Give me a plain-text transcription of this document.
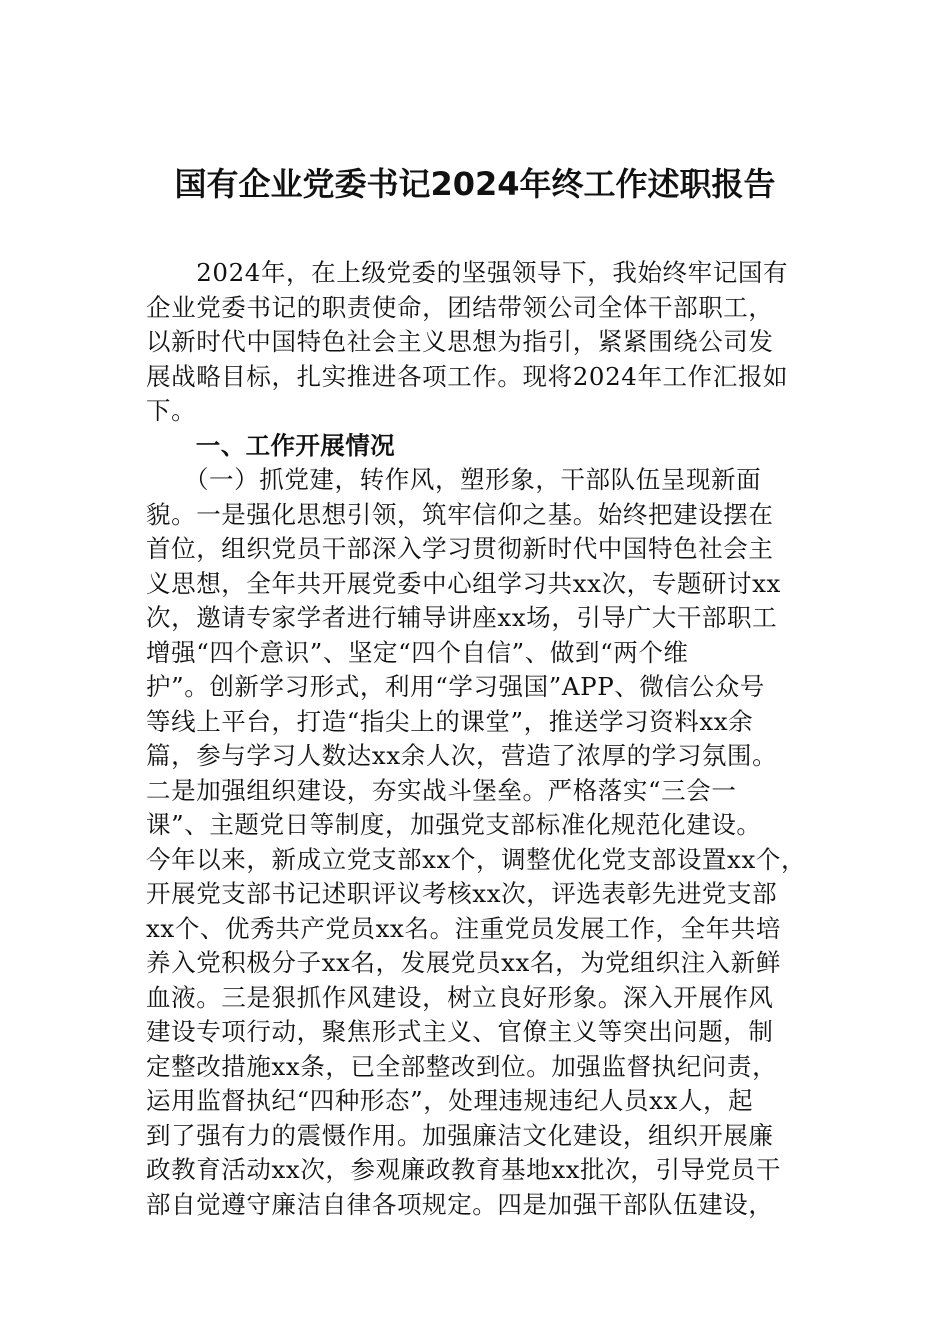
国有企业党委书记2024年终工作述职报告
　　2024年，在上级党委的坚强领导下，我始终牢记国有
企业党委书记的职责使命，团结带领公司全体干部职工，
以新时代中国特色社会主义思想为指引，紧紧围绕公司发
展战略目标，扎实推进各项工作。现将2024年工作汇报如
下。
　　一、工作开展情况
　　（一）抓党建，转作风，塑形象，干部队伍呈现新面
貌。一是强化思想引领，筑牢信仰之基。始终把建设摆在
首位，组织党员干部深入学习贯彻新时代中国特色社会主
义思想，全年共开展党委中心组学习共xx次，专题研讨xx
次，邀请专家学者进行辅导讲座xx场，引导广大干部职工
增强“四个意识”、坚定“四个自信”、做到“两个维
护”。创新学习形式，利用“学习强国”APP、微信公众号
等线上平台，打造“指尖上的课堂”，推送学习资料xx余
篇，参与学习人数达xx余人次，营造了浓厚的学习氛围。
二是加强组织建设，夯实战斗堡垒。严格落实“三会一
课”、主题党日等制度，加强党支部标准化规范化建设。
今年以来，新成立党支部xx个，调整优化党支部设置xx个，
开展党支部书记述职评议考核xx次，评选表彰先进党支部
xx个、优秀共产党员xx名。注重党员发展工作，全年共培
养入党积极分子xx名，发展党员xx名，为党组织注入新鲜
血液。三是狠抓作风建设，树立良好形象。深入开展作风
建设专项行动，聚焦形式主义、官僚主义等突出问题，制
定整改措施xx条，已全部整改到位。加强监督执纪问责，
运用监督执纪“四种形态”，处理违规违纪人员xx人，起
到了强有力的震慑作用。加强廉洁文化建设，组织开展廉
政教育活动xx次，参观廉政教育基地xx批次，引导党员干
部自觉遵守廉洁自律各项规定。四是加强干部队伍建设，
